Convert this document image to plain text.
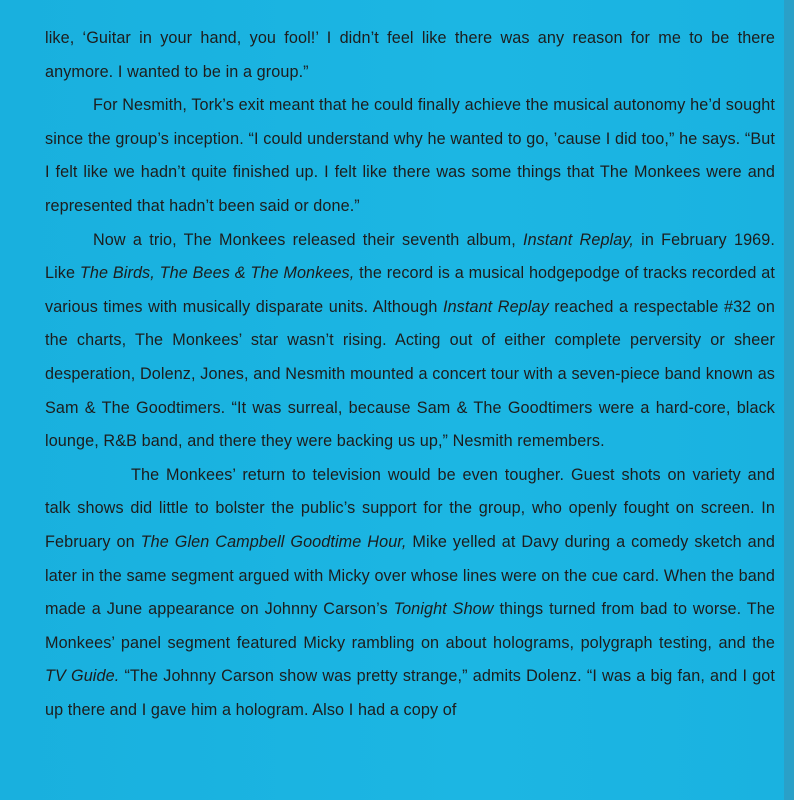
like, ‘Guitar in your hand, you fool!’ I didn’t feel like there was any reason for me to be there anymore. I wanted to be in a group.”

For Nesmith, Tork’s exit meant that he could finally achieve the musical autonomy he’d sought since the group’s inception. “I could understand why he wanted to go, ’cause I did too,” he says. “But I felt like we hadn’t quite finished up. I felt like there was some things that The Monkees were and represented that hadn’t been said or done.”

Now a trio, The Monkees released their seventh album, Instant Replay, in February 1969. Like The Birds, The Bees & The Monkees, the record is a musical hodgepodge of tracks recorded at various times with musically disparate units. Although Instant Replay reached a respectable #32 on the charts, The Monkees’ star wasn’t rising. Acting out of either complete perversity or sheer desperation, Dolenz, Jones, and Nesmith mounted a concert tour with a seven-piece band known as Sam & The Goodtimers. “It was surreal, because Sam & The Goodtimers were a hard-core, black lounge, R&B band, and there they were backing us up,” Nesmith remembers.

The Monkees’ return to television would be even tougher. Guest shots on variety and talk shows did little to bolster the public’s support for the group, who openly fought on screen. In February on The Glen Campbell Goodtime Hour, Mike yelled at Davy during a comedy sketch and later in the same segment argued with Micky over whose lines were on the cue card. When the band made a June appearance on Johnny Carson’s Tonight Show things turned from bad to worse. The Monkees’ panel segment featured Micky rambling on about holograms, polygraph testing, and the TV Guide. “The Johnny Carson show was pretty strange,” admits Dolenz. “I was a big fan, and I got up there and I gave him a hologram. Also I had a copy of
